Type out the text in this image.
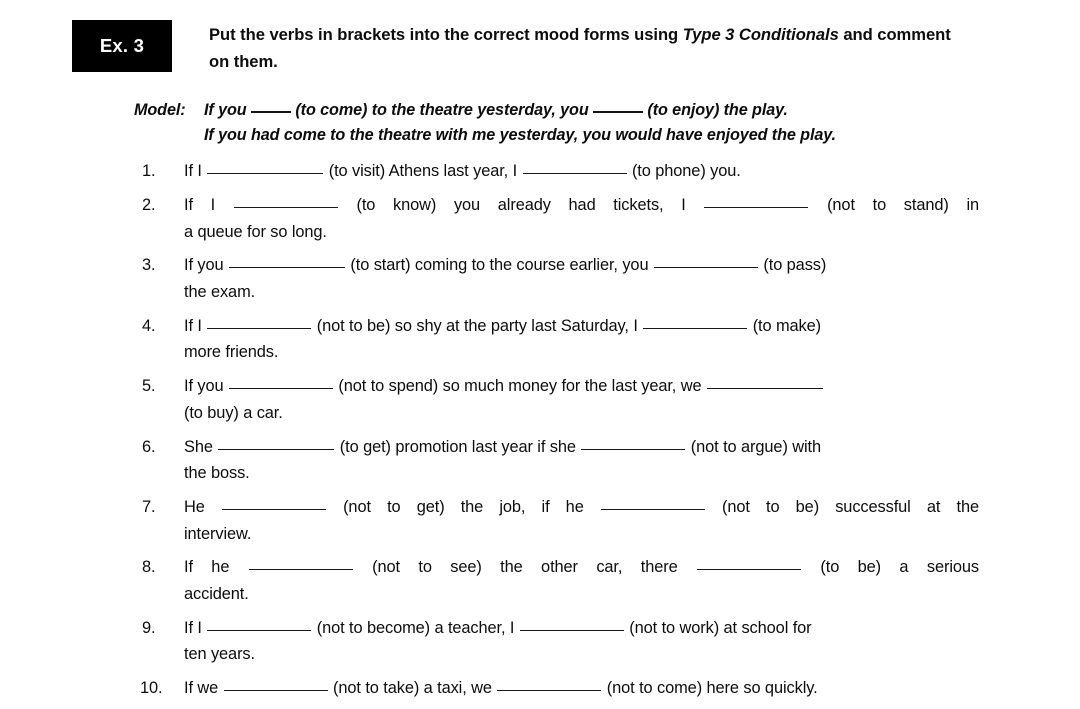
Ex. 3
Put the verbs in brackets into the correct mood forms using Type 3 Conditionals and comment on them.
Model:	If you  (to come) to the theatre yesterday, you	(to enjoy) the play.
If you had come to the theatre with me yesterday, you would have enjoyed the play.
1.	If I	(to visit) Athens last year, I	(to phone) you.
2.	If I	(to know) you already had tickets, I	(not to stand) in
a queue for so long.
3.	If you	(to start) coming to the course earlier, you	(to pass)
the exam.
4.	If I	(not to be) so shy at the party last Saturday, I	(to make)
more friends.
5.	If you	(not to spend) so much money for the last year, we
(to buy) a car.
6.	She	(to get) promotion last year if she	(not to argue) with
the boss.
7.	He	(not to get) the job, if he	(not to be) successful at the
interview.
8.	If he	(not to see) the other car, there	(to be) a serious
accident.
9.	If I	(not to become) a teacher, I	(not to work) at school for
ten years.
10.	If we	(not to take) a taxi, we	(not to come) here so quickly.
